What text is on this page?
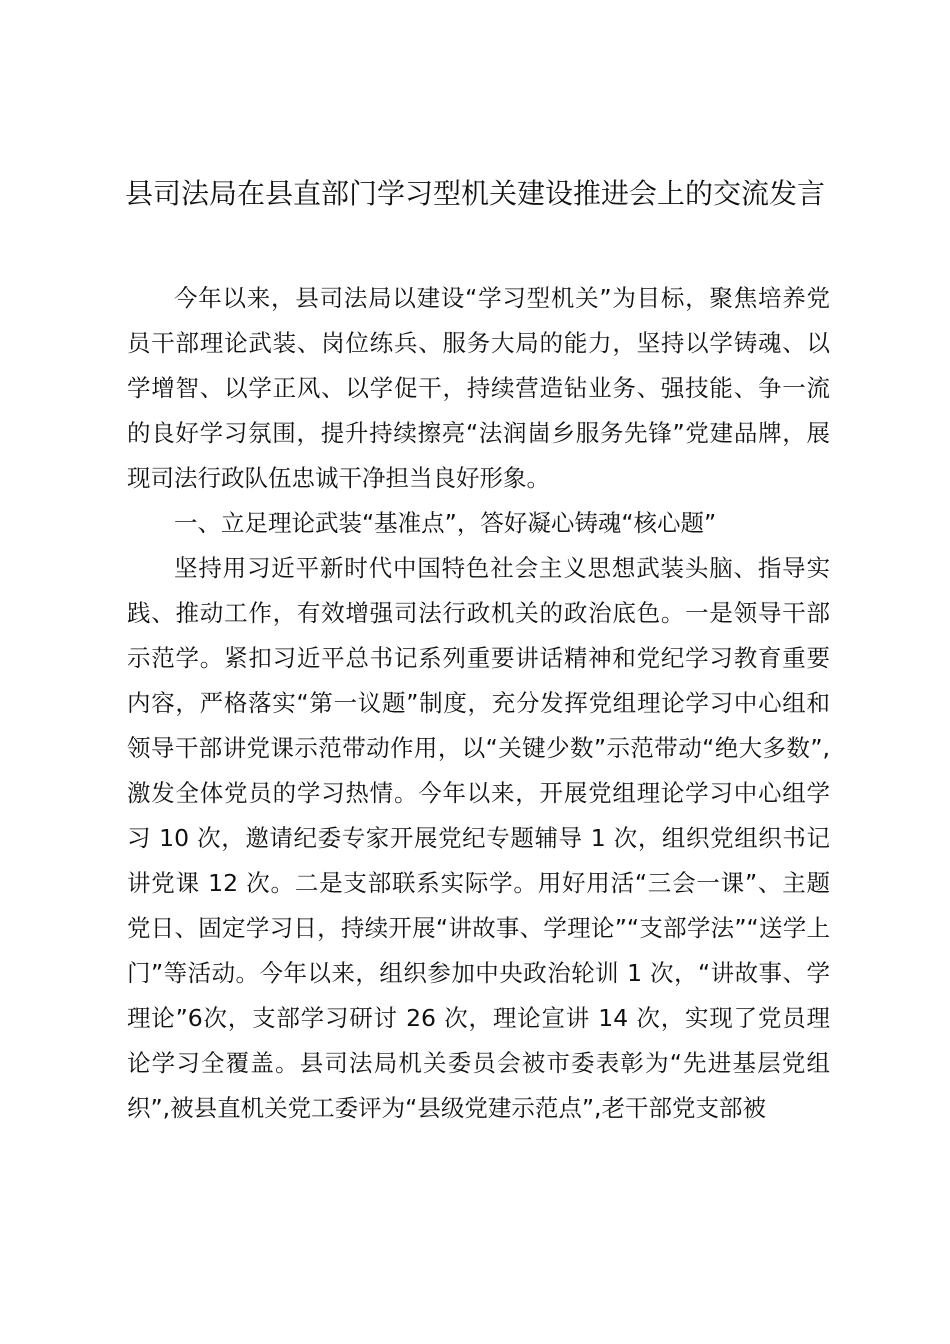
县司法局在县直部门学习型机关建设推进会上的交流发言

今年以来，县司法局以建设“学习型机关”为目标，聚焦培养党员干部理论武装、岗位练兵、服务大局的能力，坚持以学铸魂、以学增智、以学正风、以学促干，持续营造钻业务、强技能、争一流的良好学习氛围，提升持续擦亮“法润崮乡服务先锋”党建品牌，展现司法行政队伍忠诚干净担当良好形象。

一、立足理论武装“基准点”，答好凝心铸魂“核心题”

坚持用习近平新时代中国特色社会主义思想武装头脑、指导实践、推动工作，有效增强司法行政机关的政治底色。一是领导干部示范学。紧扣习近平总书记系列重要讲话精神和党纪学习教育重要内容，严格落实“第一议题”制度，充分发挥党组理论学习中心组和领导干部讲党课示范带动作用，以“关键少数”示范带动“绝大多数”,激发全体党员的学习热情。今年以来，开展党组理论学习中心组学习 10 次，邀请纪委专家开展党纪专题辅导 1 次，组织党组织书记讲党课 12 次。二是支部联系实际学。用好用活“三会一课”、主题党日、固定学习日，持续开展“讲故事、学理论”“支部学法”“送学上门”等活动。今年以来，组织参加中央政治轮训 1 次，“讲故事、学理论”6次，支部学习研讨 26 次，理论宣讲 14 次，实现了党员理论学习全覆盖。县司法局机关委员会被市委表彰为“先进基层党组织”,被县直机关党工委评为“县级党建示范点”,老干部党支部被
